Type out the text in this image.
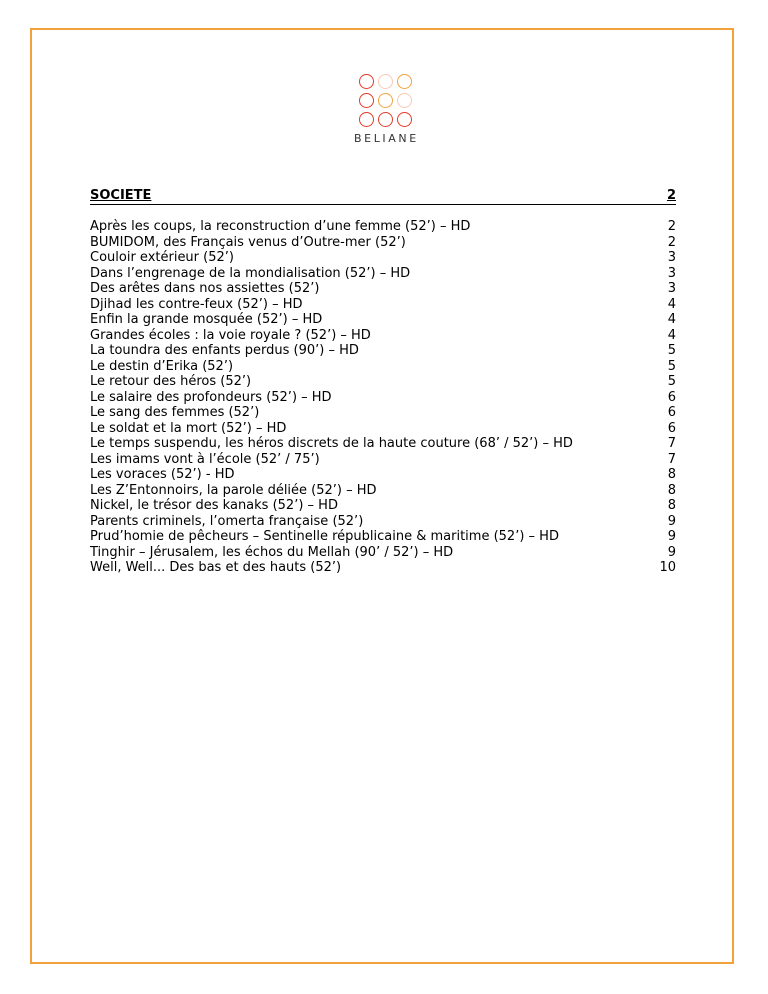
BELIANE
SOCIETE	2
Après les coups, la reconstruction d’une femme (52’) – HD	2
BUMIDOM, des Français venus d’Outre-mer (52’)	2
Couloir extérieur (52’)	3
Dans l’engrenage de la mondialisation (52’) – HD	3
Des arêtes dans nos assiettes (52’)	3
Djihad les contre-feux (52’) – HD	4
Enfin la grande mosquée (52’) – HD	4
Grandes écoles : la voie royale ? (52’) – HD	4
La toundra des enfants perdus (90’) – HD	5
Le destin d’Erika (52’)	5
Le retour des héros (52’)	5
Le salaire des profondeurs (52’) – HD	6
Le sang des femmes (52’)	6
Le soldat et la mort (52’) – HD	6
Le temps suspendu, les héros discrets de la haute couture (68’ / 52’) – HD	7
Les imams vont à l’école (52’ / 75’)	7
Les voraces (52’) - HD	8
Les Z’Entonnoirs, la parole déliée (52’) – HD	8
Nickel, le trésor des kanaks (52’) – HD	8
Parents criminels, l’omerta française (52’)	9
Prud’homie de pêcheurs – Sentinelle républicaine & maritime (52’) – HD	9
Tinghir – Jérusalem, les échos du Mellah (90’ / 52’) – HD	9
Well, Well... Des bas et des hauts (52’)	10
